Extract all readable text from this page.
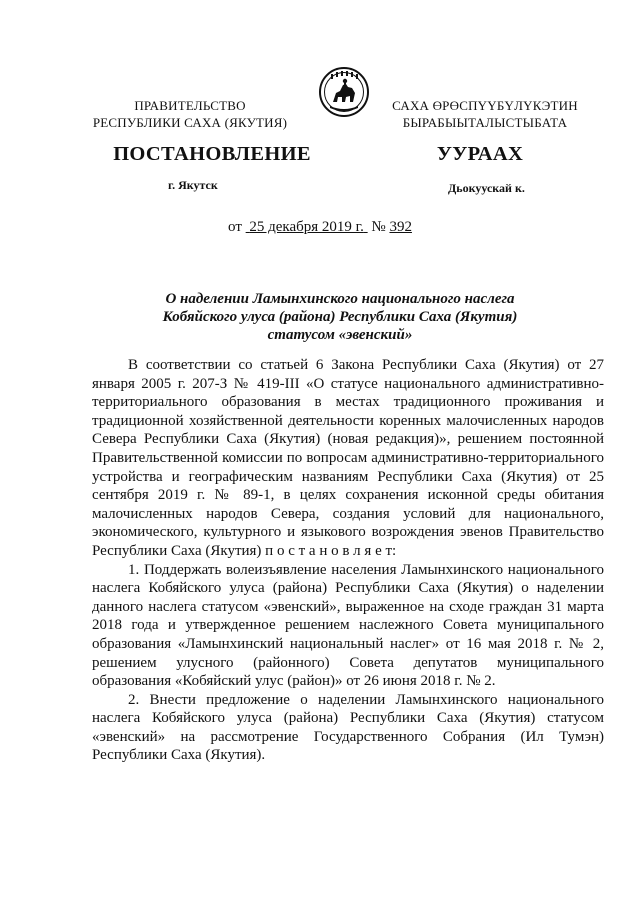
ПРАВИТЕЛЬСТВО
РЕСПУБЛИКИ САХА (ЯКУТИЯ)
САХА ӨРӨСПҮҮБҮЛҮКЭТИН
БЫРАБЫЫТАЛЫСТЫБАТА
ПОСТАНОВЛЕНИЕ	УУРААХ
г. Якутск	Дьокуускай к.
от 25 декабря 2019 г. № 392
О наделении Ламынхинского национального наслега
Кобяйского улуса (района) Республики Саха (Якутия)
статусом «эвенский»

В соответствии со статьей 6 Закона Республики Саха (Якутия) от 27 января 2005 г. 207-З № 419-III «О статусе национального административно-территориального образования в местах традиционного проживания и традиционной хозяйственной деятельности коренных малочисленных народов Севера Республики Саха (Якутия) (новая редакция)», решением постоянной Правительственной комиссии по вопросам административно-территориального устройства и географическим названиям Республики Саха (Якутия) от 25 сентября 2019 г. № 89-1, в целях сохранения исконной среды обитания малочисленных народов Севера, создания условий для национального, экономического, культурного и языкового возрождения эвенов Правительство Республики Саха (Якутия) п о с т а н о в л я е т:

1. Поддержать волеизъявление населения Ламынхинского национального наслега Кобяйского улуса (района) Республики Саха (Якутия) о наделении данного наслега статусом «эвенский», выраженное на сходе граждан 31 марта 2018 года и утвержденное решением наслежного Совета муниципального образования «Ламынхинский национальный наслег» от 16 мая 2018 г. № 2, решением улусного (районного) Совета депутатов муниципального образования «Кобяйский улус (район)» от 26 июня 2018 г. № 2.

2. Внести предложение о наделении Ламынхинского национального наслега Кобяйского улуса (района) Республики Саха (Якутия) статусом «эвенский» на рассмотрение Государственного Собрания (Ил Тумэн) Республики Саха (Якутия).
